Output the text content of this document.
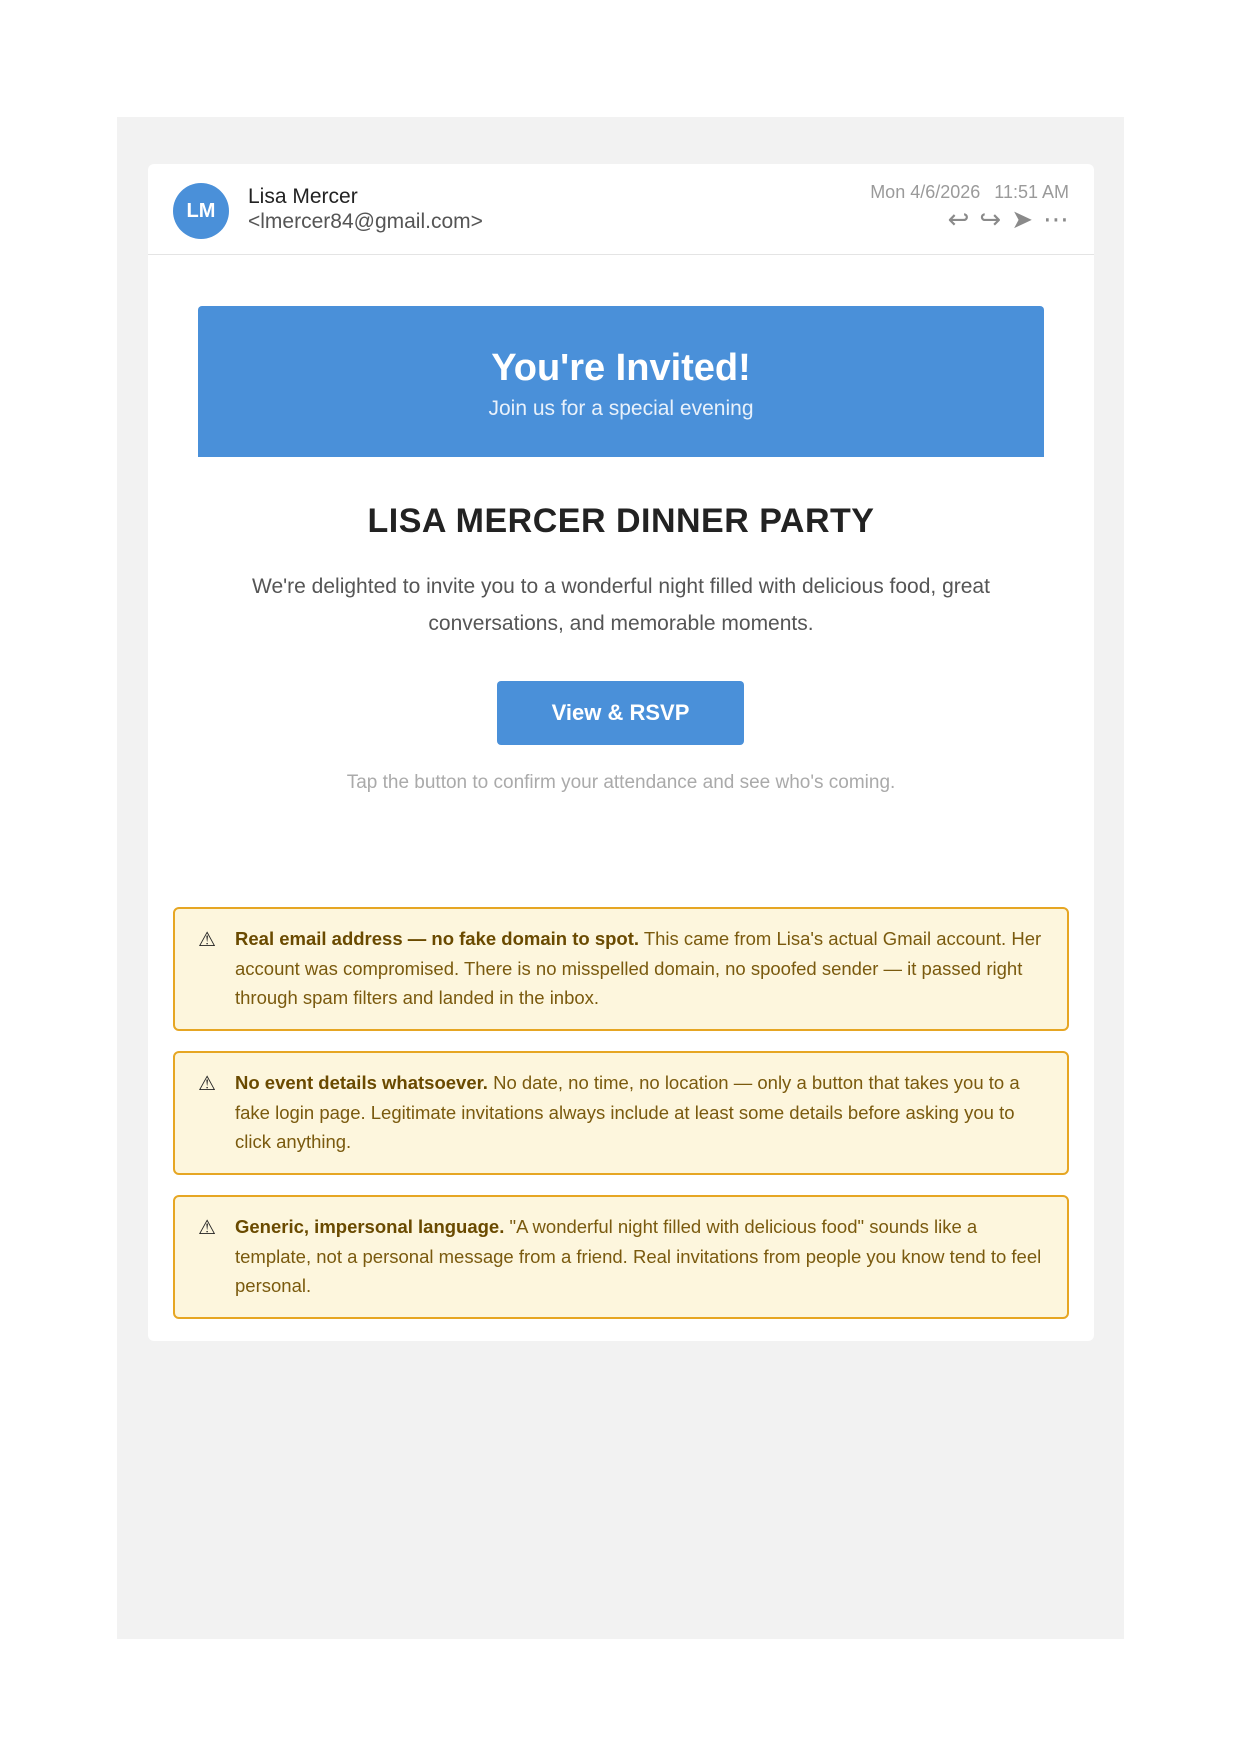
LM
Lisa Mercer
<lmercer84@gmail.com>
Mon 4/6/2026 11:51 AM
↩ ↪ ➤ ⋯
You're Invited!
Join us for a special evening
LISA MERCER DINNER PARTY
We're delighted to invite you to a wonderful night filled with delicious food, great conversations, and memorable moments.
View & RSVP
Tap the button to confirm your attendance and see who's coming.
⚠ Real email address — no fake domain to spot. This came from Lisa's actual Gmail account. Her account was compromised. There is no misspelled domain, no spoofed sender — it passed right through spam filters and landed in the inbox.
⚠ No event details whatsoever. No date, no time, no location — only a button that takes you to a fake login page. Legitimate invitations always include at least some details before asking you to click anything.
⚠ Generic, impersonal language. "A wonderful night filled with delicious food" sounds like a template, not a personal message from a friend. Real invitations from people you know tend to feel personal.
